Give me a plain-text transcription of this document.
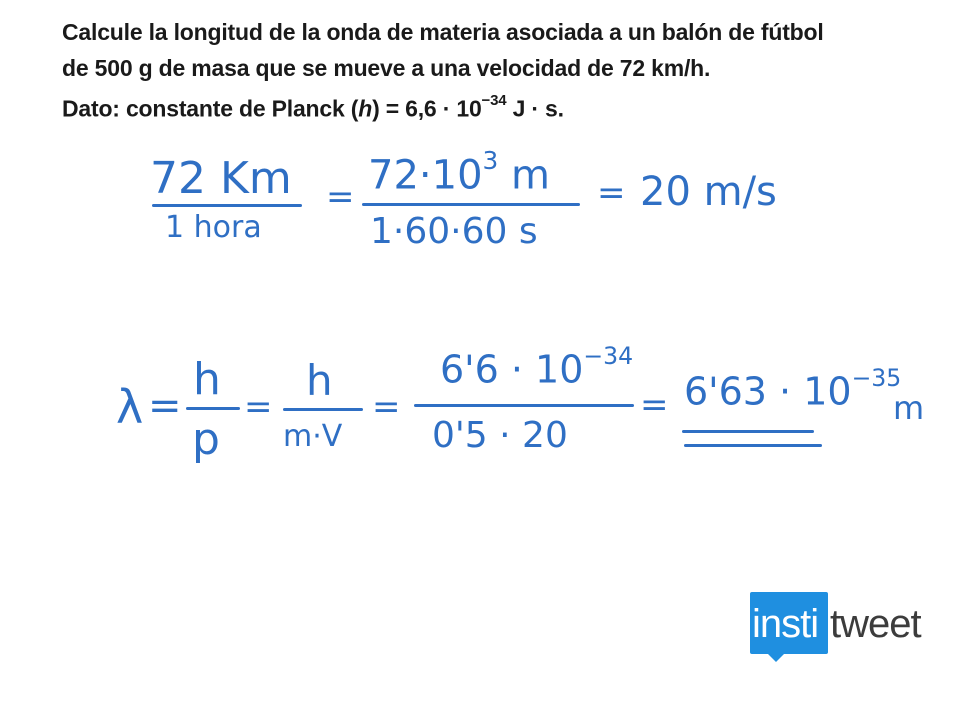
Calcule la longitud de la onda de materia asociada a un balón de fútbol
de 500 g de masa que se mueve a una velocidad de 72 km/h.
Dato: constante de Planck $(h) = 6,6 \cdot 10^{-34}$ J · s.
72 Km
1 hora
= $72\cdot 10^3$ m
1·60·60 s
= 20 m/s
λ =
h
p
=
h
m·V
=
$6'6 \cdot 10^{-34}$
0'5 · 20
= $6'63 \cdot 10^{-35}$
m
insti tweet
